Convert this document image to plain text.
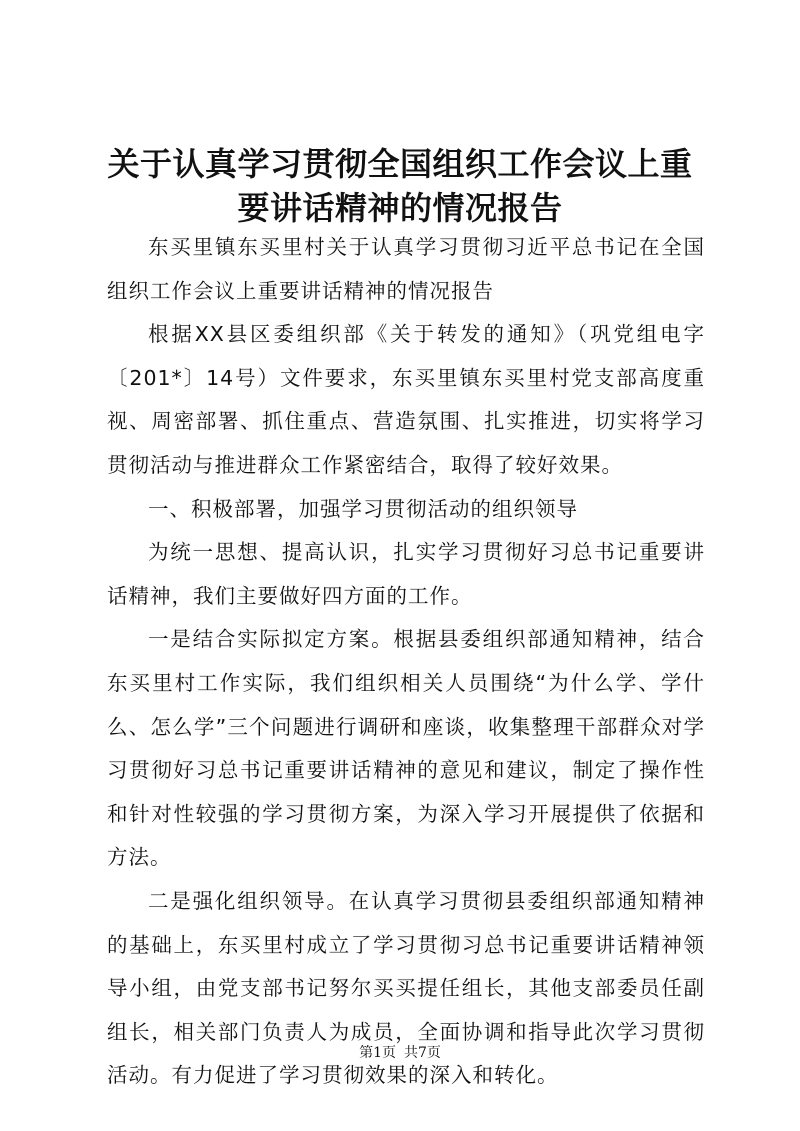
关于认真学习贯彻全国组织工作会议上重要讲话精神的情况报告

东买里镇东买里村关于认真学习贯彻习近平总书记在全国组织工作会议上重要讲话精神的情况报告

根据XX县区委组织部《关于转发的通知》（巩党组电字〔201*〕14号）文件要求，东买里镇东买里村党支部高度重视、周密部署、抓住重点、营造氛围、扎实推进，切实将学习贯彻活动与推进群众工作紧密结合，取得了较好效果。

一、积极部署，加强学习贯彻活动的组织领导

为统一思想、提高认识，扎实学习贯彻好习总书记重要讲话精神，我们主要做好四方面的工作。

一是结合实际拟定方案。根据县委组织部通知精神，结合东买里村工作实际，我们组织相关人员围绕“为什么学、学什么、怎么学”三个问题进行调研和座谈，收集整理干部群众对学习贯彻好习总书记重要讲话精神的意见和建议，制定了操作性和针对性较强的学习贯彻方案，为深入学习开展提供了依据和方法。

二是强化组织领导。在认真学习贯彻县委组织部通知精神的基础上，东买里村成立了学习贯彻习总书记重要讲话精神领导小组，由党支部书记努尔买买提任组长，其他支部委员任副组长，相关部门负责人为成员，全面协调和指导此次学习贯彻活动。有力促进了学习贯彻效果的深入和转化。

第1页 共7页
